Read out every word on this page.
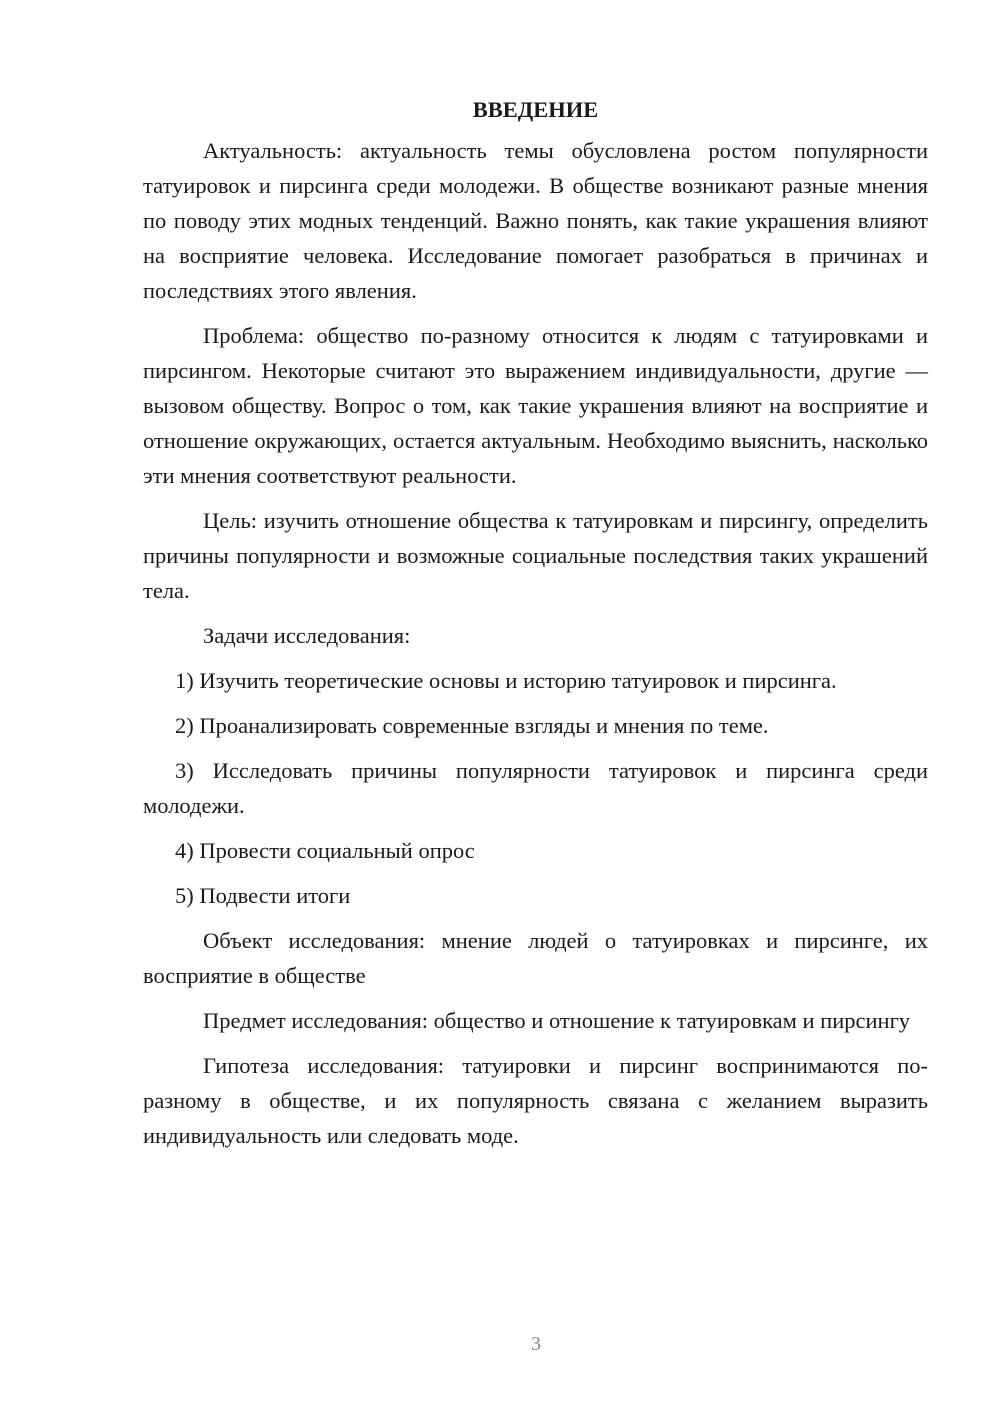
ВВЕДЕНИЕ

Актуальность: актуальность темы обусловлена ростом популярности татуировок и пирсинга среди молодежи. В обществе возникают разные мнения по поводу этих модных тенденций. Важно понять, как такие украшения влияют на восприятие человека. Исследование помогает разобраться в причинах и последствиях этого явления.

Проблема: общество по-разному относится к людям с татуировками и пирсингом. Некоторые считают это выражением индивидуальности, другие — вызовом обществу. Вопрос о том, как такие украшения влияют на восприятие и отношение окружающих, остается актуальным. Необходимо выяснить, насколько эти мнения соответствуют реальности.

Цель: изучить отношение общества к татуировкам и пирсингу, определить причины популярности и возможные социальные последствия таких украшений тела.

Задачи исследования:

1) Изучить теоретические основы и историю татуировок и пирсинга.

2) Проанализировать современные взгляды и мнения по теме.

3) Исследовать причины популярности татуировок и пирсинга среди молодежи.

4) Провести социальный опрос

5) Подвести итоги

Объект исследования: мнение людей о татуировках и пирсинге, их восприятие в обществе

Предмет исследования: общество и отношение к татуировкам и пирсингу

Гипотеза исследования: татуировки и пирсинг воспринимаются по-разному в обществе, и их популярность связана с желанием выразить индивидуальность или следовать моде.

3
